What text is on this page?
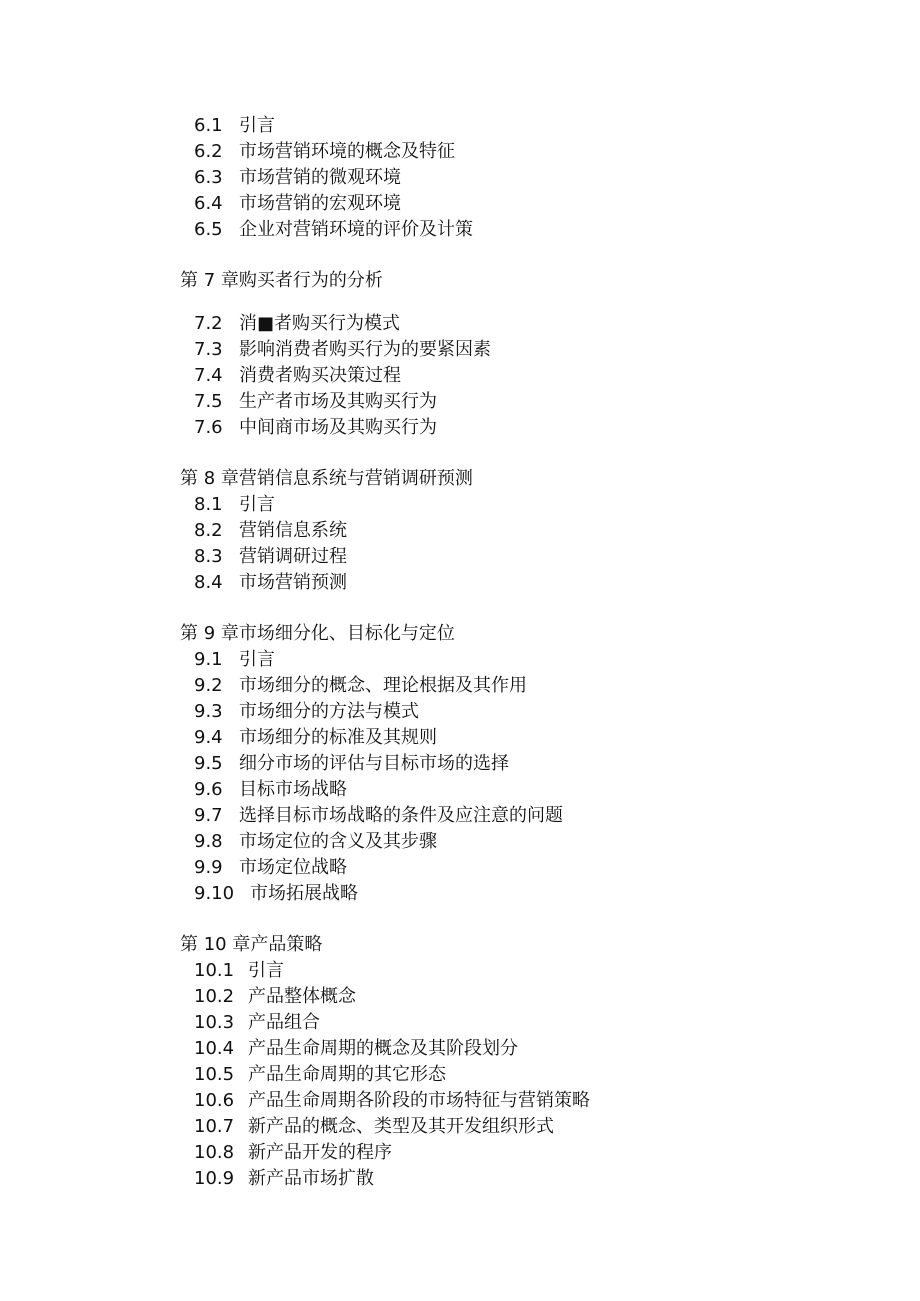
6.1 引言
6.2 市场营销环境的概念及特征
6.3 市场营销的微观环境
6.4 市场营销的宏观环境
6.5 企业对营销环境的评价及计策
第 7 章购买者行为的分析
7.2 消■者购买行为模式
7.3 影响消费者购买行为的要紧因素
7.4 消费者购买决策过程
7.5 生产者市场及其购买行为
7.6 中间商市场及其购买行为
第 8 章营销信息系统与营销调研预测
8.1 引言
8.2 营销信息系统
8.3 营销调研过程
8.4 市场营销预测
第 9 章市场细分化、目标化与定位
9.1 引言
9.2 市场细分的概念、理论根据及其作用
9.3 市场细分的方法与模式
9.4 市场细分的标准及其规则
9.5 细分市场的评估与目标市场的选择
9.6 目标市场战略
9.7 选择目标市场战略的条件及应注意的问题
9.8 市场定位的含义及其步骤
9.9 市场定位战略
9.10 市场拓展战略
第 10 章产品策略
10.1 引言
10.2 产品整体概念
10.3 产品组合
10.4 产品生命周期的概念及其阶段划分
10.5 产品生命周期的其它形态
10.6 产品生命周期各阶段的市场特征与营销策略
10.7 新产品的概念、类型及其开发组织形式
10.8 新产品开发的程序
10.9 新产品市场扩散
